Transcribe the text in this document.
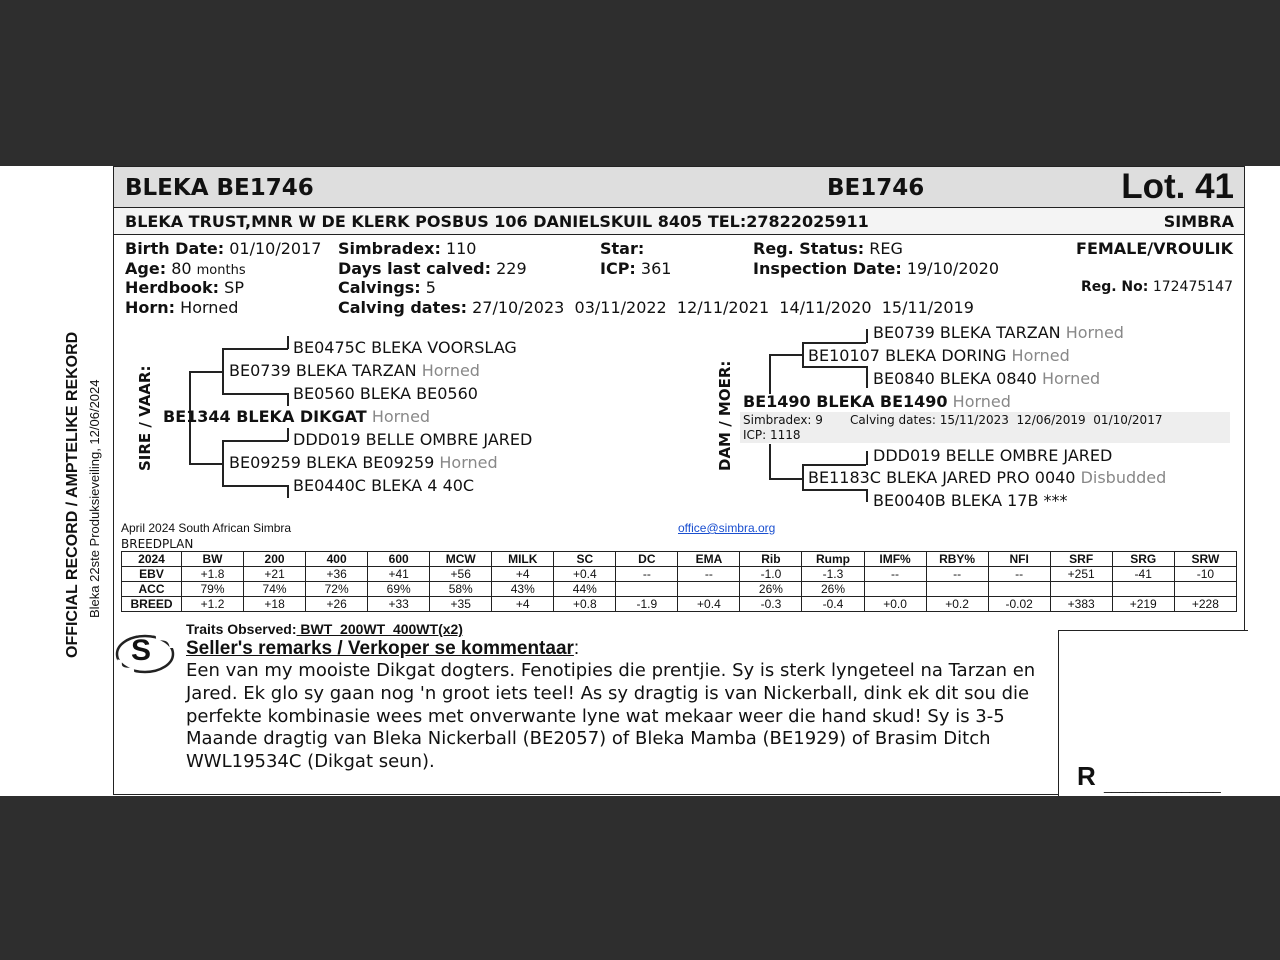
OFFICIAL RECORD / AMPTELIKE REKORD Bleka 22ste Produksieveiling, 12/06/2024
BLEKA BE1746	BE1746	Lot. 41
BLEKA TRUST,MNR W DE KLERK POSBUS 106 DANIELSKUIL 8405 TEL:27822025911	SIMBRA
Birth Date: 01/10/2017
Age: 80 months
Herdbook: SP
Horn: Horned
Simbradex: 110
Days last calved: 229
Calvings: 5
Calving dates: 27/10/2023  03/11/2022  12/11/2021  14/11/2020  15/11/2019
Star:
ICP: 361
Reg. Status: REG
Inspection Date: 19/10/2020
FEMALE/VROULIK
Reg. No: 172475147
SIRE / VAAR:
BE0475C BLEKA VOORSLAG
BE0739 BLEKA TARZAN Horned
BE0560 BLEKA BE0560
BE1344 BLEKA DIKGAT Horned
DDD019 BELLE OMBRE JARED
BE09259 BLEKA BE09259 Horned
BE0440C BLEKA 4 40C
DAM / MOER:
BE0739 BLEKA TARZAN Horned
BE10107 BLEKA DORING Horned
BE0840 BLEKA 0840 Horned
BE1490 BLEKA BE1490 Horned
Simbradex: 9 Calving dates: 15/11/2023  12/06/2019  01/10/2017
ICP: 1118
DDD019 BELLE OMBRE JARED
BE1183C BLEKA JARED PRO 0040 Disbudded
BE0040B BLEKA 17B ***
April 2024 South African Simbra
BREEDPLAN
office@simbra.org
2024	BW	200	400	600	MCW	MILK	SC	DC	EMA	Rib	Rump	IMF%	RBY%	NFI	SRF	SRG	SRW
EBV	+1.8	+21	+36	+41	+56	+4	+0.4	--	--	-1.0	-1.3	--	--	--	+251	-41	-10
ACC	79%	74%	72%	69%	58%	43%	44%			26%	26%						
BREED	+1.2	+18	+26	+33	+35	+4	+0.8	-1.9	+0.4	-0.3	-0.4	+0.0	+0.2	-0.02	+383	+219	+228
S
Traits Observed: BWT  200WT  400WT(x2)
Seller's remarks / Verkoper se kommentaar:
Een van my mooiste Dikgat dogters. Fenotipies die prentjie. Sy is sterk lyngeteel na Tarzan en Jared. Ek glo sy gaan nog 'n groot iets teel! As sy dragtig is van Nickerball, dink ek dit sou die perfekte kombinasie wees met onverwante lyne wat mekaar weer die hand skud! Sy is 3-5 Maande dragtig van Bleka Nickerball (BE2057) of Bleka Mamba (BE1929) of Brasim Ditch WWL19534C (Dikgat seun).	R _______________
